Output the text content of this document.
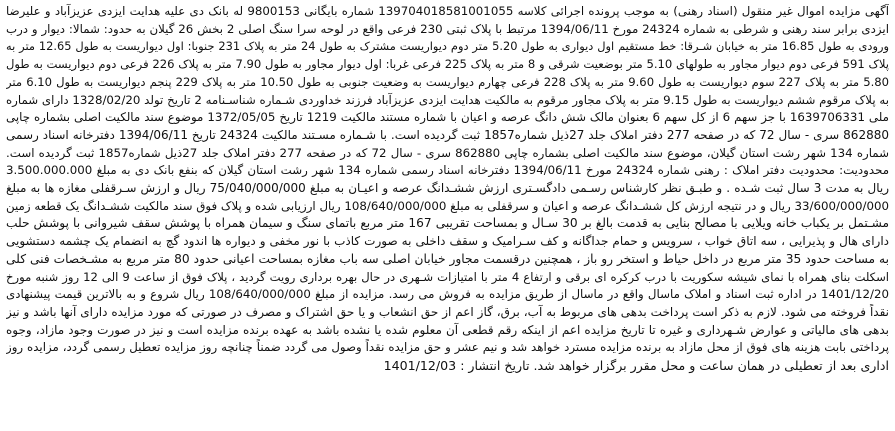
آگهی مزایده اموال غیر منقول (اسناد رهنی) به موجب پرونده اجرائی کلاسه 139704018581001055 شماره بایگانی 9800153 له بانک دی علیه هدایت ایزدی عزیزآباد و علیرضا
ایزدی برابر سند رهنی و شرطی به شماره 24324 مورخ 1394/06/11 مرتبط با پلاک ثبتی 230 فرعی واقع در لوحه سرا سنگ اصلی 2 بخش 26 گیلان به حدود: شمالا: دیوار و درب
ورودی به طول 16.85 متر به خیابان شـرقا: خط مستقیم اول دیواری به طول 5.20 متر دوم دیواریست مشترک به طول 24 متر به پلاک 231 جنوبا: اول دیواریست به طول 12.65 متر به
پلاک 591 فرعی دوم دیوار مجاور به طولهای 5.10 متر بوضعیت شرقی و 8 متر به پلاک 225 فرعی غربا: اول دیوار مجاور به طول 7.90 متر به پلاک 226 فرعی دوم دیواریست به طول
5.80 متر به پلاک 227 سوم دیواریست به طول 9.60 متر به پلاک 228 فرعی چهارم دیواریست به وضعیت جنوبی به طول 10.50 متر به پلاک 229 پنجم دیواریست به طول 6.10 متر
به پلاک مرقوم ششم دیواریست به طول 9.15 متر به پلاک مجاور مرقوم به مالکیت هدایت ایزدی عزیزآباد فرزند خداوردی شـماره شناسـنامه 2 تاریخ تولد 1328/02/20 دارای شماره
ملی 1639706331 با جز سهم 6 از کل سهم 6 بعنوان مالک شش دانگ عرصه و اعیان با شماره مستند مالکیت 1219 تاریخ 1372/05/05 موضوع سند مالکیت اصلی بشماره چاپی
862880 سری - سال 72 که در صفحه 277 دفتر املاک جلد 27ذیل شماره1857 ثبت گردیده است. با شـماره مسـتند مالکیت 24324 تاریخ 1394/06/11 دفترخانه اسناد رسمی
شماره 134 شهر رشت استان گیلان، موضوع سند مالکیت اصلی بشماره چاپی 862880 سری - سال 72 که در صفحه 277 دفتر املاک جلد 27ذیل شماره1857 ثبت گردیده است.
محدودیت: محدودیت دفتر املاک : رهنی شماره 24324 مورخ 1394/06/11 دفترخانه اسناد رسمی شماره 134 شهر رشت استان گیلان که بنفع بانک دی به مبلغ 3.500.000.000
ریال به مدت 3 سال ثبت شـده . و طبـق نظر کارشناس رسـمی دادگسـتری ارزش ششـدانگ عرصه و اعیـان به مبلغ 75/040/000/000 ریال و ارزش سـرقفلی مغازه ها به مبلغ
33/600/000/000 ریال و در نتیجه ارزش کل ششـدانگ عرصه و اعیان و سرقفلی به مبلغ 108/640/000/000 ریال ارزیابی شده و پلاک فوق سند مالکیت ششـدانگ یک قطعه زمین
مشـتمل بر یکباب خانه ویلایی با مصالح بنایی به قدمت بالغ بر 30 سـال و بمساحت تقریبی 167 متر مربع باتمای سنگ و سیمان همراه با پوشش سقف شیروانی با پوشش حلب
دارای هال و پذیرایی ، سه اتاق خواب ، سرویس و حمام جداگانه و کف سـرامیک و سقف داخلی به صورت کاذب با نور مخفی و دیواره ها اندود گچ به انضمام یک چشمه دستشویی
به مساحت حدود 35 متر مربع در داخل حیاط و استخر رو باز ، همچنین درقسمت مجاور خیابان اصلی سه باب مغازه بمساحت اعیانی حدود 80 متر مربع به مشـخصات فنی کلی
اسکلت بنای همراه با نمای شیشه سکوریت با درب کرکره ای برقی و ارتفاع 4 متر با امتیازات شـهری در حال بهره برداری رویت گردید ، پلاک فوق از ساعت 9 الی 12 روز شنبه مورخ
1401/12/20 در اداره ثبت اسناد و املاک ماسال واقع در ماسال از طریق مزایده به فروش می رسد. مزایده از مبلغ 108/640/000/000 ریال شروع و به بالاترین قیمت پیشنهادی
نقداً فروخته می شود. لازم به ذکر است پرداخت بدهی های مربوط به آب، برق، گاز اعم از حق انشعاب و یا حق اشتراک و مصرف در صورتی که مورد مزایده دارای آنها باشد و نیز
بدهی های مالیاتی و عوارض شـهرداری و غیره تا تاریخ مزایده اعم از اینکه رقم قطعی آن معلوم شده یا نشده باشد به عهده برنده مزایده است و نیز در صورت وجود مازاد، وجوه
پرداختی بابت هزینه های فوق از محل مازاد به برنده مزایده مسترد خواهد شد و نیم عشر و حق مزایده نقداً وصول می گردد ضمناً چنانچه روز مزایده تعطیل رسمی گردد، مزایده روز
اداری بعد از تعطیلی در همان ساعت و محل مقرر برگزار خواهد شد. تاریخ انتشار : 1401/12/03
